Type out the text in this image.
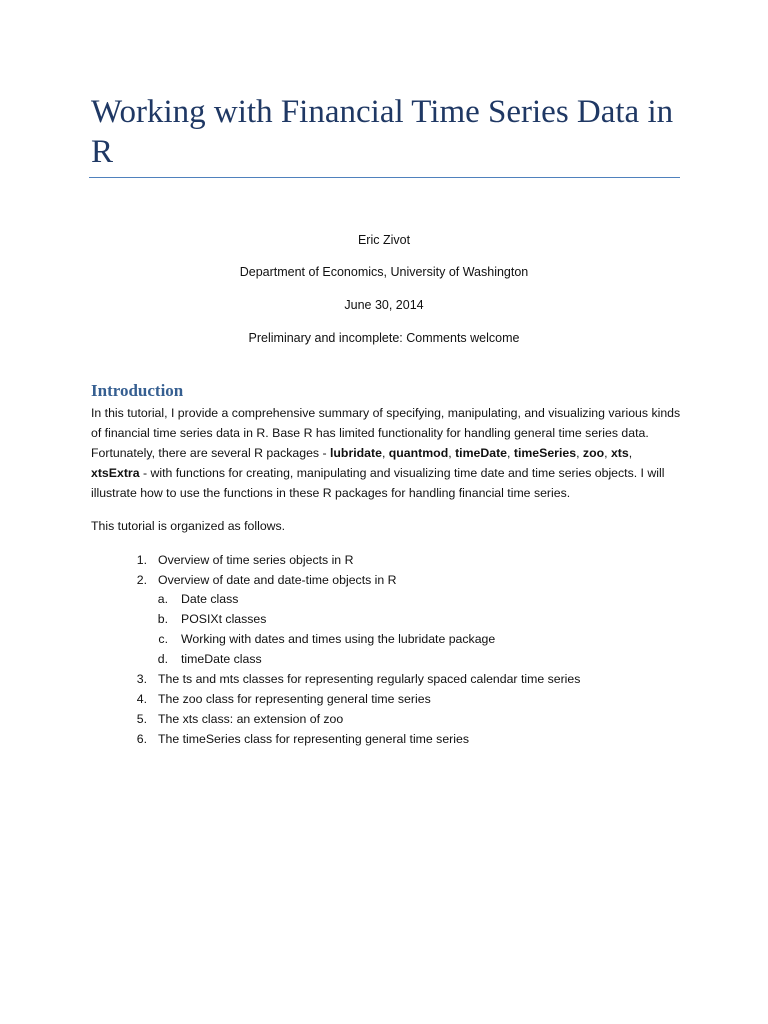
Working with Financial Time Series Data in R
Eric Zivot
Department of Economics, University of Washington
June 30, 2014
Preliminary and incomplete: Comments welcome
Introduction

In this tutorial, I provide a comprehensive summary of specifying, manipulating, and visualizing various kinds of financial time series data in R. Base R has limited functionality for handling general time series data. Fortunately, there are several R packages - lubridate, quantmod, timeDate, timeSeries, zoo, xts, xtsExtra - with functions for creating, manipulating and visualizing time date and time series objects. I will illustrate how to use the functions in these R packages for handling financial time series.

This tutorial is organized as follows.

1. Overview of time series objects in R
2. Overview of date and date-time objects in R
a. Date class
b. POSIXt classes
c. Working with dates and times using the lubridate package
d. timeDate class
3. The ts and mts classes for representing regularly spaced calendar time series
4. The zoo class for representing general time series
5. The xts class: an extension of zoo
6. The timeSeries class for representing general time series
